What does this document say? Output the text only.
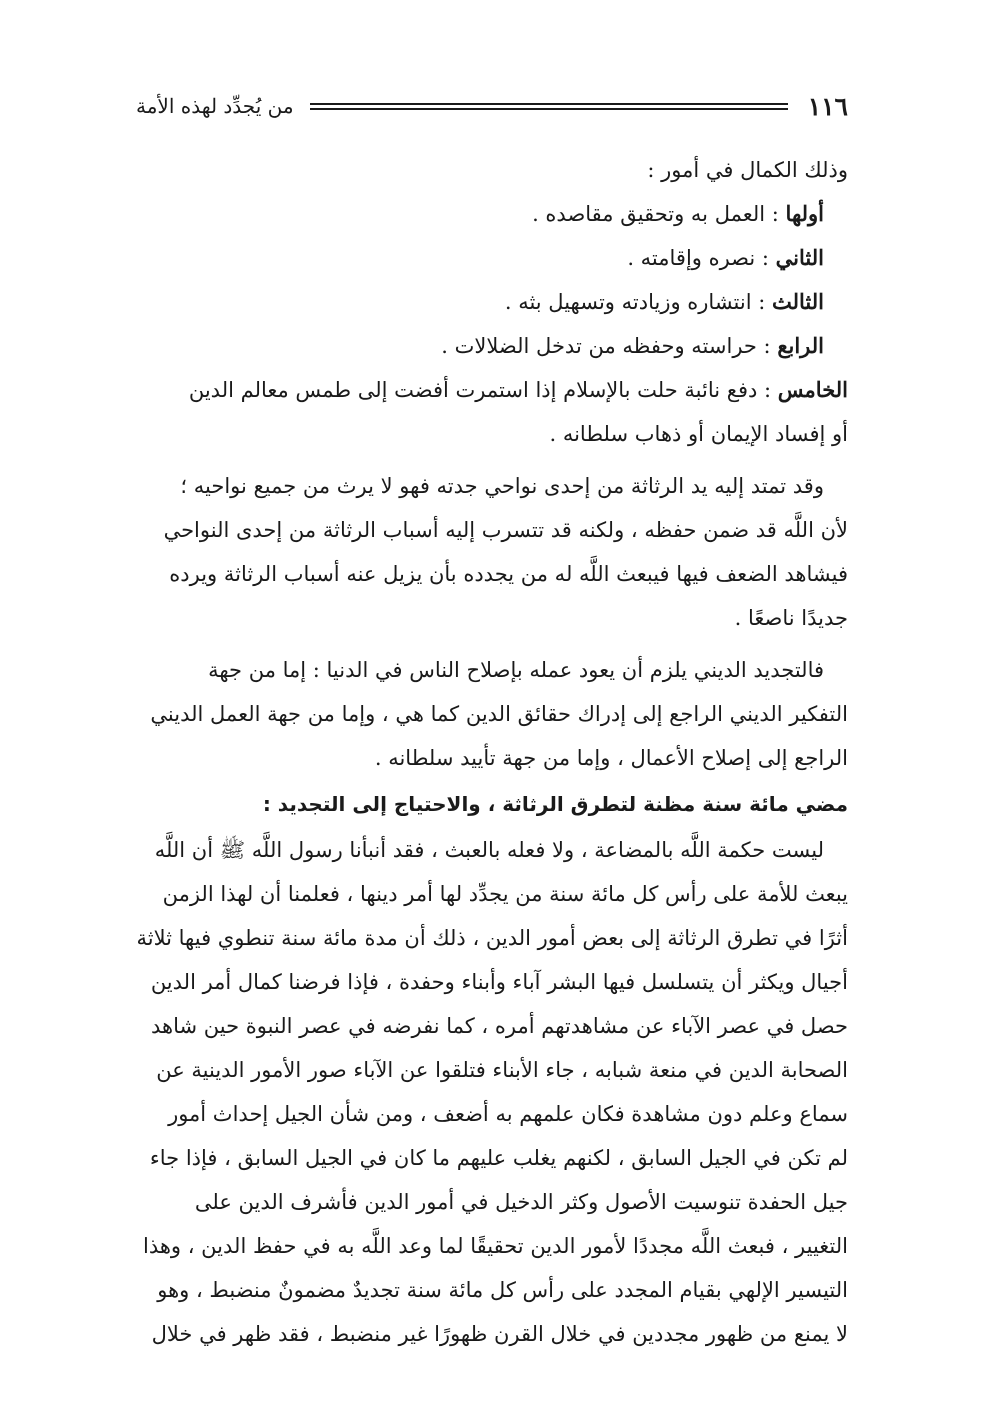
١١٦
من يُجدِّد لهذه الأمة
وذلك الكمال في أمور :
أولها : العمل به وتحقيق مقاصده .
الثاني : نصره وإقامته .
الثالث : انتشاره وزيادته وتسهيل بثه .
الرابع : حراسته وحفظه من تدخل الضلالات .
الخامس : دفع نائبة حلت بالإسلام إذا استمرت أفضت إلى طمس معالم الدين
أو إفساد الإيمان أو ذهاب سلطانه .
وقد تمتد إليه يد الرثاثة من إحدى نواحي جدته فهو لا يرث من جميع نواحيه ؛
لأن اللَّه قد ضمن حفظه ، ولكنه قد تتسرب إليه أسباب الرثاثة من إحدى النواحي
فيشاهد الضعف فيها فيبعث اللَّه له من يجدده بأن يزيل عنه أسباب الرثاثة ويرده
جديدًا ناصعًا .
فالتجديد الديني يلزم أن يعود عمله بإصلاح الناس في الدنيا : إما من جهة
التفكير الديني الراجع إلى إدراك حقائق الدين كما هي ، وإما من جهة العمل الديني
الراجع إلى إصلاح الأعمال ، وإما من جهة تأييد سلطانه .
مضي مائة سنة مظنة لتطرق الرثاثة ، والاحتياج إلى التجديد :
ليست حكمة اللَّه بالمضاعة ، ولا فعله بالعبث ، فقد أنبأنا رسول اللَّه ﷺ أن اللَّه
يبعث للأمة على رأس كل مائة سنة من يجدِّد لها أمر دينها ، فعلمنا أن لهذا الزمن
أثرًا في تطرق الرثاثة إلى بعض أمور الدين ، ذلك أن مدة مائة سنة تنطوي فيها ثلاثة
أجيال ويكثر أن يتسلسل فيها البشر آباء وأبناء وحفدة ، فإذا فرضنا كمال أمر الدين
حصل في عصر الآباء عن مشاهدتهم أمره ، كما نفرضه في عصر النبوة حين شاهد
الصحابة الدين في منعة شبابه ، جاء الأبناء فتلقوا عن الآباء صور الأمور الدينية عن
سماع وعلم دون مشاهدة فكان علمهم به أضعف ، ومن شأن الجيل إحداث أمور
لم تكن في الجيل السابق ، لكنهم يغلب عليهم ما كان في الجيل السابق ، فإذا جاء
جيل الحفدة تنوسيت الأصول وكثر الدخيل في أمور الدين فأشرف الدين على
التغيير ، فبعث اللَّه مجددًا لأمور الدين تحقيقًا لما وعد اللَّه به في حفظ الدين ، وهذا
التيسير الإلهي بقيام المجدد على رأس كل مائة سنة تجديدٌ مضمونٌ منضبط ، وهو
لا يمنع من ظهور مجددين في خلال القرن ظهورًا غير منضبط ، فقد ظهر في خلال
